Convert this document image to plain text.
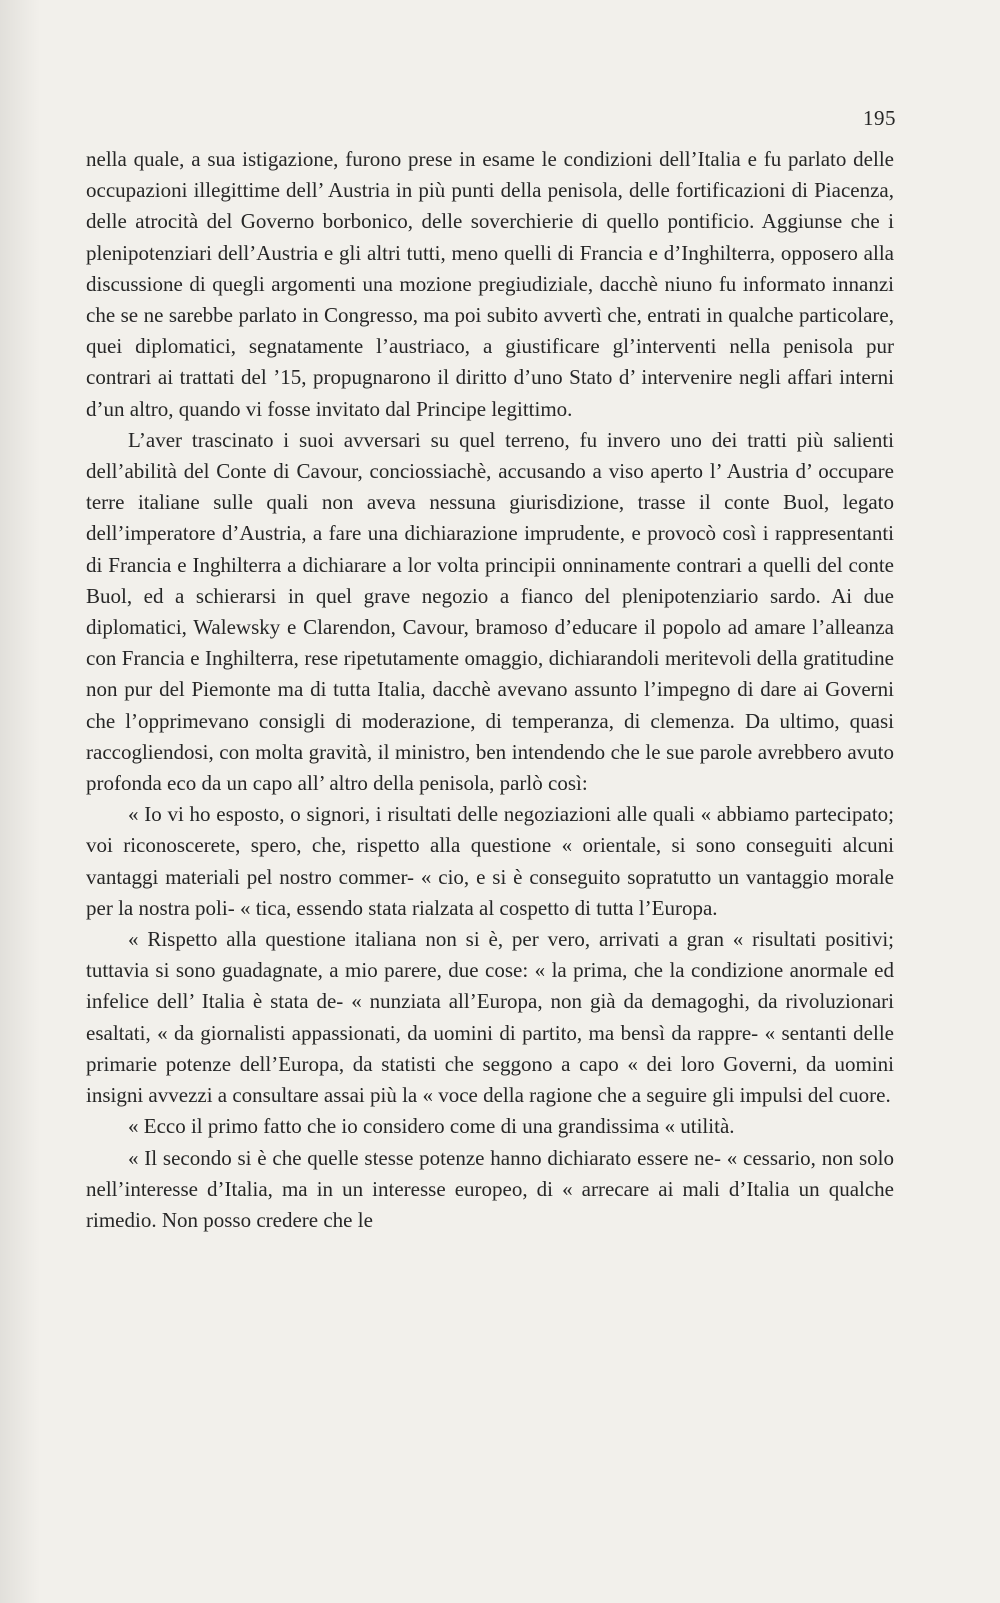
195

nella quale, a sua istigazione, furono prese in esame le condizioni dell’Italia e fu parlato delle occupazioni illegittime dell’ Austria in più punti della penisola, delle fortificazioni di Piacenza, delle atrocità del Governo borbonico, delle soverchierie di quello pontificio. Aggiunse che i plenipotenziari dell’Austria e gli altri tutti, meno quelli di Francia e d’Inghilterra, opposero alla discussione di quegli argomenti una mozione pregiudiziale, dacchè niuno fu informato innanzi che se ne sarebbe parlato in Congresso, ma poi subito avvertì che, entrati in qualche particolare, quei diplomatici, segnatamente l’austriaco, a giustificare gl’interventi nella penisola pur contrari ai trattati del ’15, propugnarono il diritto d’uno Stato d’ intervenire negli affari interni d’un altro, quando vi fosse invitato dal Principe legittimo.

L’aver trascinato i suoi avversari su quel terreno, fu invero uno dei tratti più salienti dell’abilità del Conte di Cavour, conciossiachè, accusando a viso aperto l’ Austria d’ occupare terre italiane sulle quali non aveva nessuna giurisdizione, trasse il conte Buol, legato dell’imperatore d’Austria, a fare una dichiarazione imprudente, e provocò così i rappresentanti di Francia e Inghilterra a dichiarare a lor volta principii onninamente contrari a quelli del conte Buol, ed a schierarsi in quel grave negozio a fianco del plenipotenziario sardo. Ai due diplomatici, Walewsky e Clarendon, Cavour, bramoso d’educare il popolo ad amare l’alleanza con Francia e Inghilterra, rese ripetutamente omaggio, dichiarandoli meritevoli della gratitudine non pur del Piemonte ma di tutta Italia, dacchè avevano assunto l’impegno di dare ai Governi che l’opprimevano consigli di moderazione, di temperanza, di clemenza. Da ultimo, quasi raccogliendosi, con molta gravità, il ministro, ben intendendo che le sue parole avrebbero avuto profonda eco da un capo all’ altro della penisola, parlò così:

« Io vi ho esposto, o signori, i risultati delle negoziazioni alle quali « abbiamo partecipato; voi riconoscerete, spero, che, rispetto alla questione « orientale, si sono conseguiti alcuni vantaggi materiali pel nostro commer- « cio, e si è conseguito sopratutto un vantaggio morale per la nostra poli- « tica, essendo stata rialzata al cospetto di tutta l’Europa.

« Rispetto alla questione italiana non si è, per vero, arrivati a gran « risultati positivi; tuttavia si sono guadagnate, a mio parere, due cose: « la prima, che la condizione anormale ed infelice dell’ Italia è stata de- « nunziata all’Europa, non già da demagoghi, da rivoluzionari esaltati, « da giornalisti appassionati, da uomini di partito, ma bensì da rappre- « sentanti delle primarie potenze dell’Europa, da statisti che seggono a capo « dei loro Governi, da uomini insigni avvezzi a consultare assai più la « voce della ragione che a seguire gli impulsi del cuore.

« Ecco il primo fatto che io considero come di una grandissima « utilità.

« Il secondo si è che quelle stesse potenze hanno dichiarato essere ne- « cessario, non solo nell’interesse d’Italia, ma in un interesse europeo, di « arrecare ai mali d’Italia un qualche rimedio. Non posso credere che le
